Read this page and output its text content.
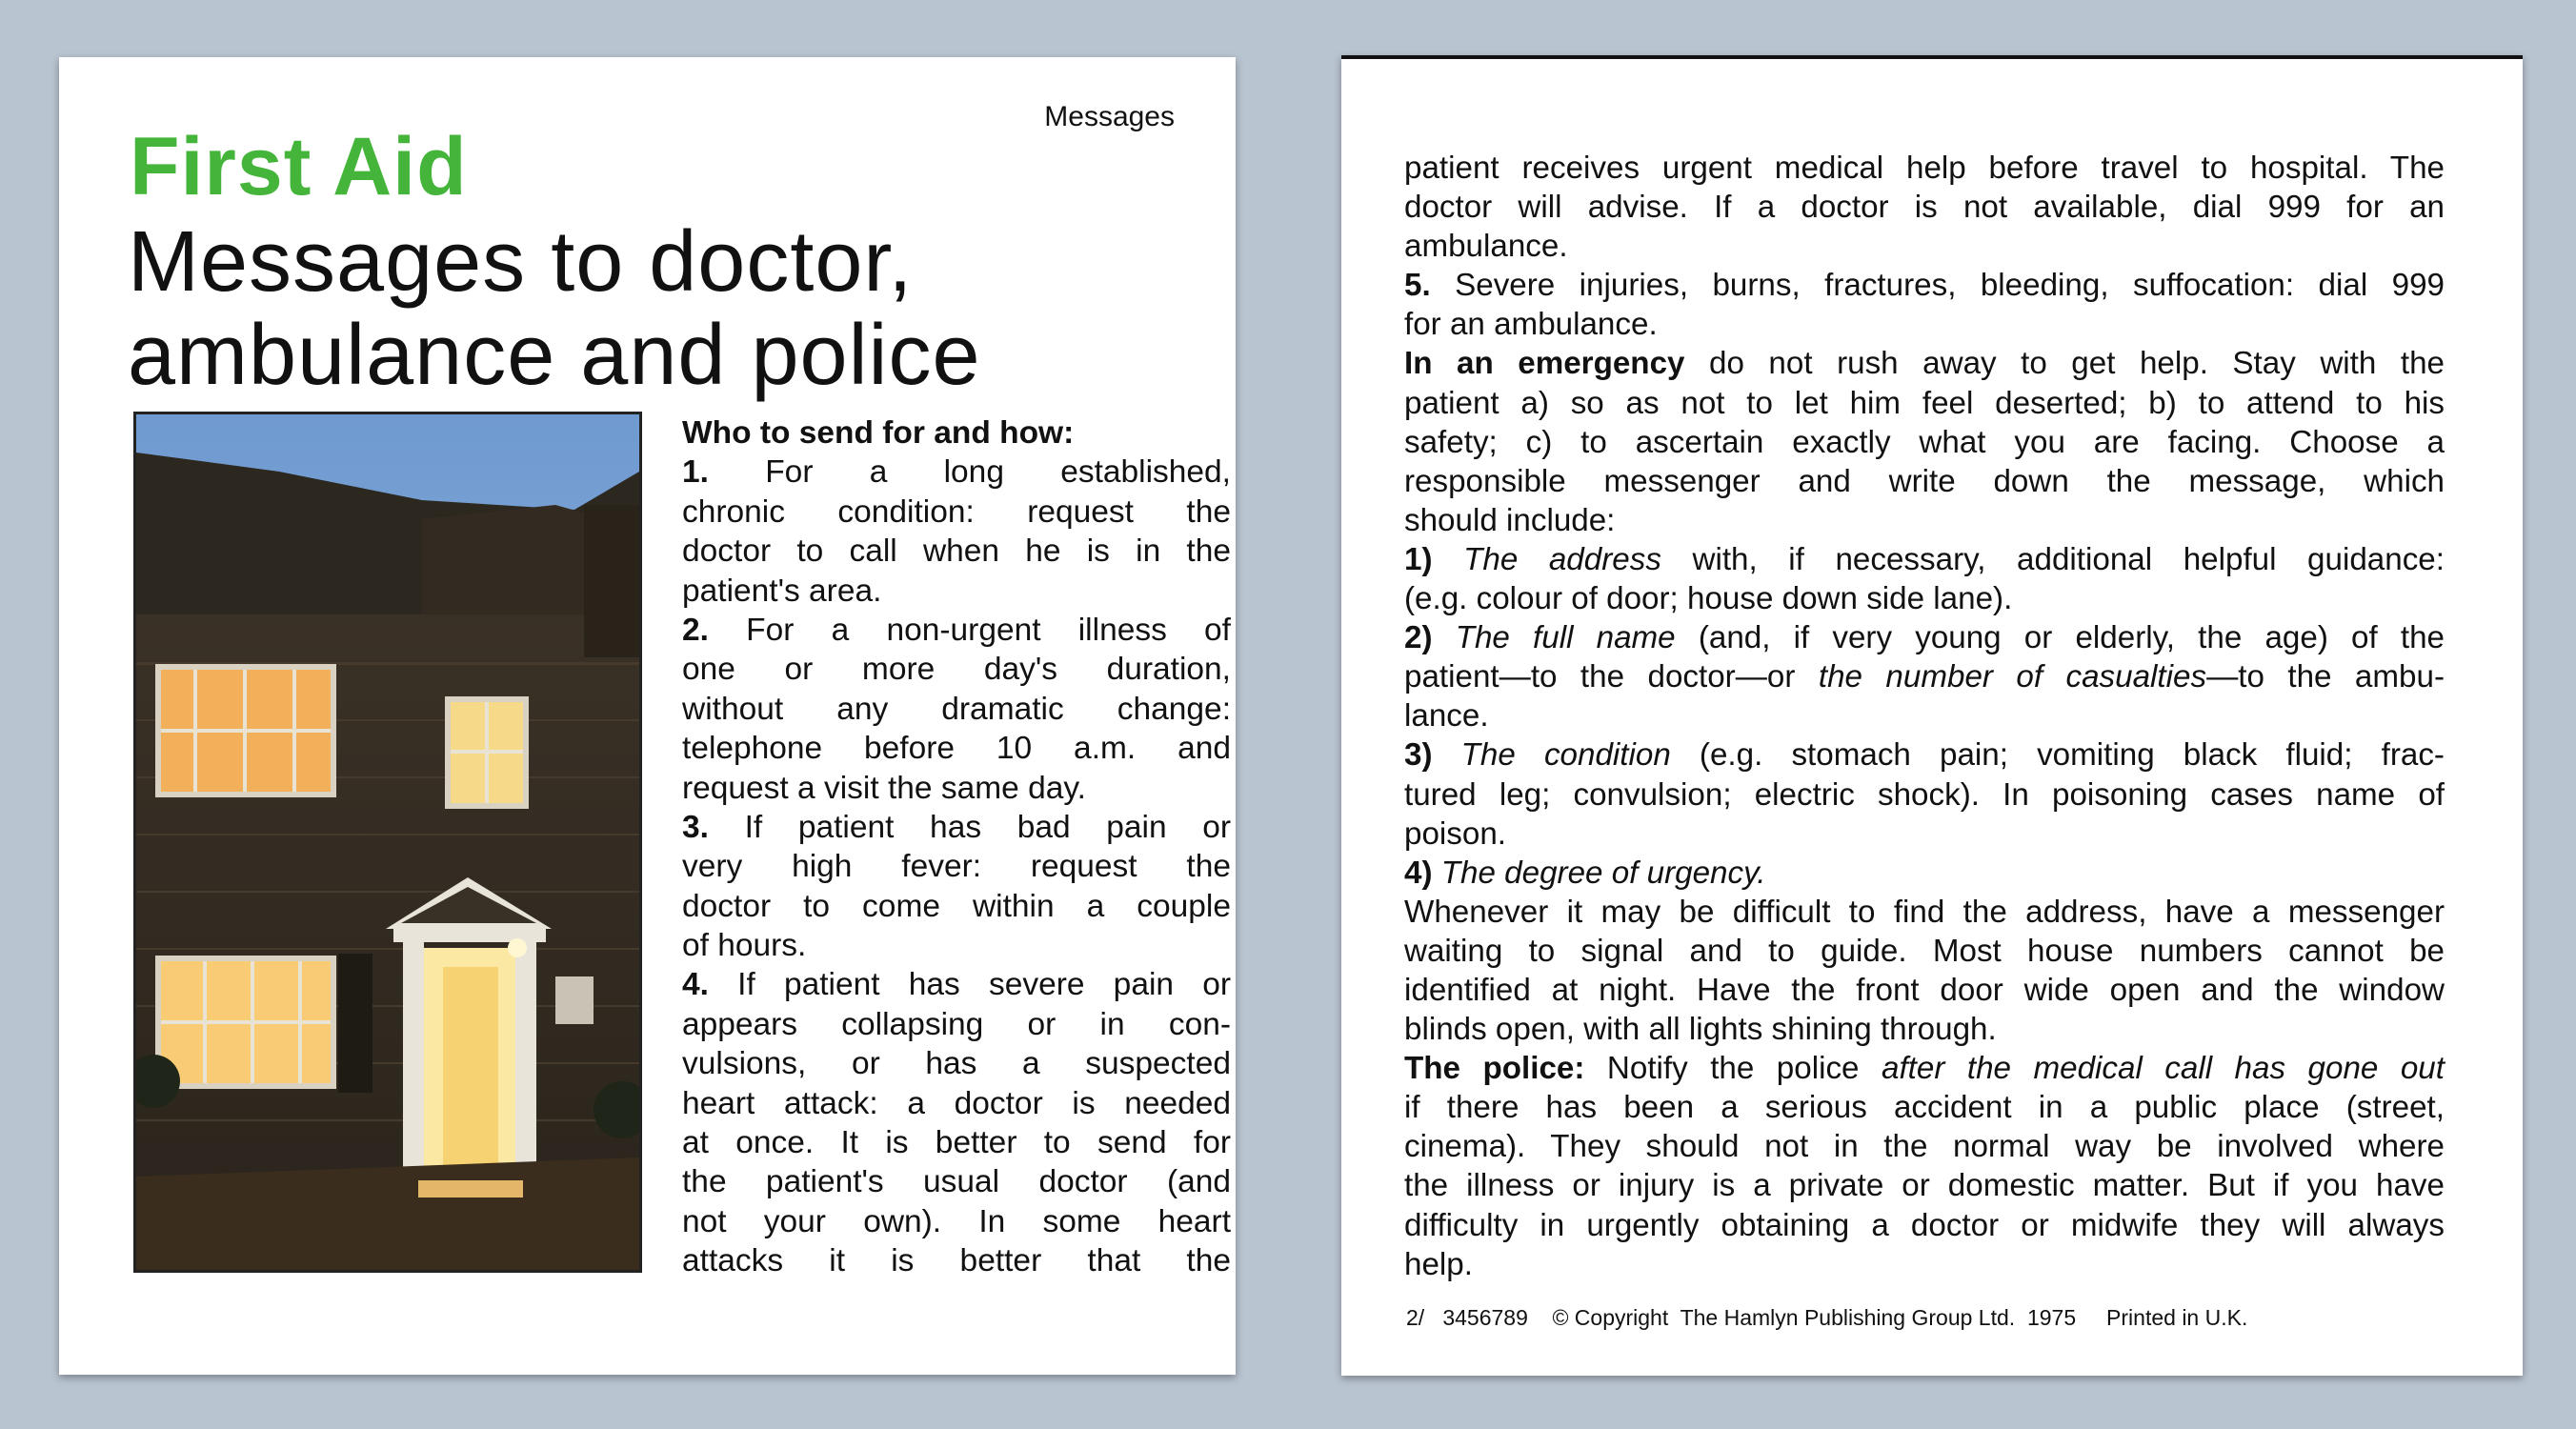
Messages
First Aid
Messages to doctor,
ambulance and police
Who to send for and how:
1. For a long established,
chronic condition: request the
doctor to call when he is in the
patient's area.
2. For a non-urgent illness of
one or more day's duration,
without any dramatic change:
telephone before 10 a.m. and
request a visit the same day.
3. If patient has bad pain or
very high fever: request the
doctor to come within a couple
of hours.
4. If patient has severe pain or
appears collapsing or in con-
vulsions, or has a suspected
heart attack: a doctor is needed
at once. It is better to send for
the patient's usual doctor (and
not your own). In some heart
attacks it is better that the
patient receives urgent medical help before travel to hospital. The
doctor will advise. If a doctor is not available, dial 999 for an
ambulance.
5. Severe injuries, burns, fractures, bleeding, suffocation: dial 999
for an ambulance.
In an emergency do not rush away to get help. Stay with the
patient a) so as not to let him feel deserted; b) to attend to his
safety; c) to ascertain exactly what you are facing. Choose a
responsible messenger and write down the message, which
should include:
1) The address with, if necessary, additional helpful guidance:
(e.g. colour of door; house down side lane).
2) The full name (and, if very young or elderly, the age) of the
patient—to the doctor—or the number of casualties—to the ambu-
lance.
3) The condition (e.g. stomach pain; vomiting black fluid; frac-
tured leg; convulsion; electric shock). In poisoning cases name of
poison.
4) The degree of urgency.
Whenever it may be difficult to find the address, have a messenger
waiting to signal and to guide. Most house numbers cannot be
identified at night. Have the front door wide open and the window
blinds open, with all lights shining through.
The police: Notify the police after the medical call has gone out
if there has been a serious accident in a public place (street,
cinema). They should not in the normal way be involved where
the illness or injury is a private or domestic matter. But if you have
difficulty in urgently obtaining a doctor or midwife they will always
help.
2/   3456789    © Copyright  The Hamlyn Publishing Group Ltd.  1975     Printed in U.K.
